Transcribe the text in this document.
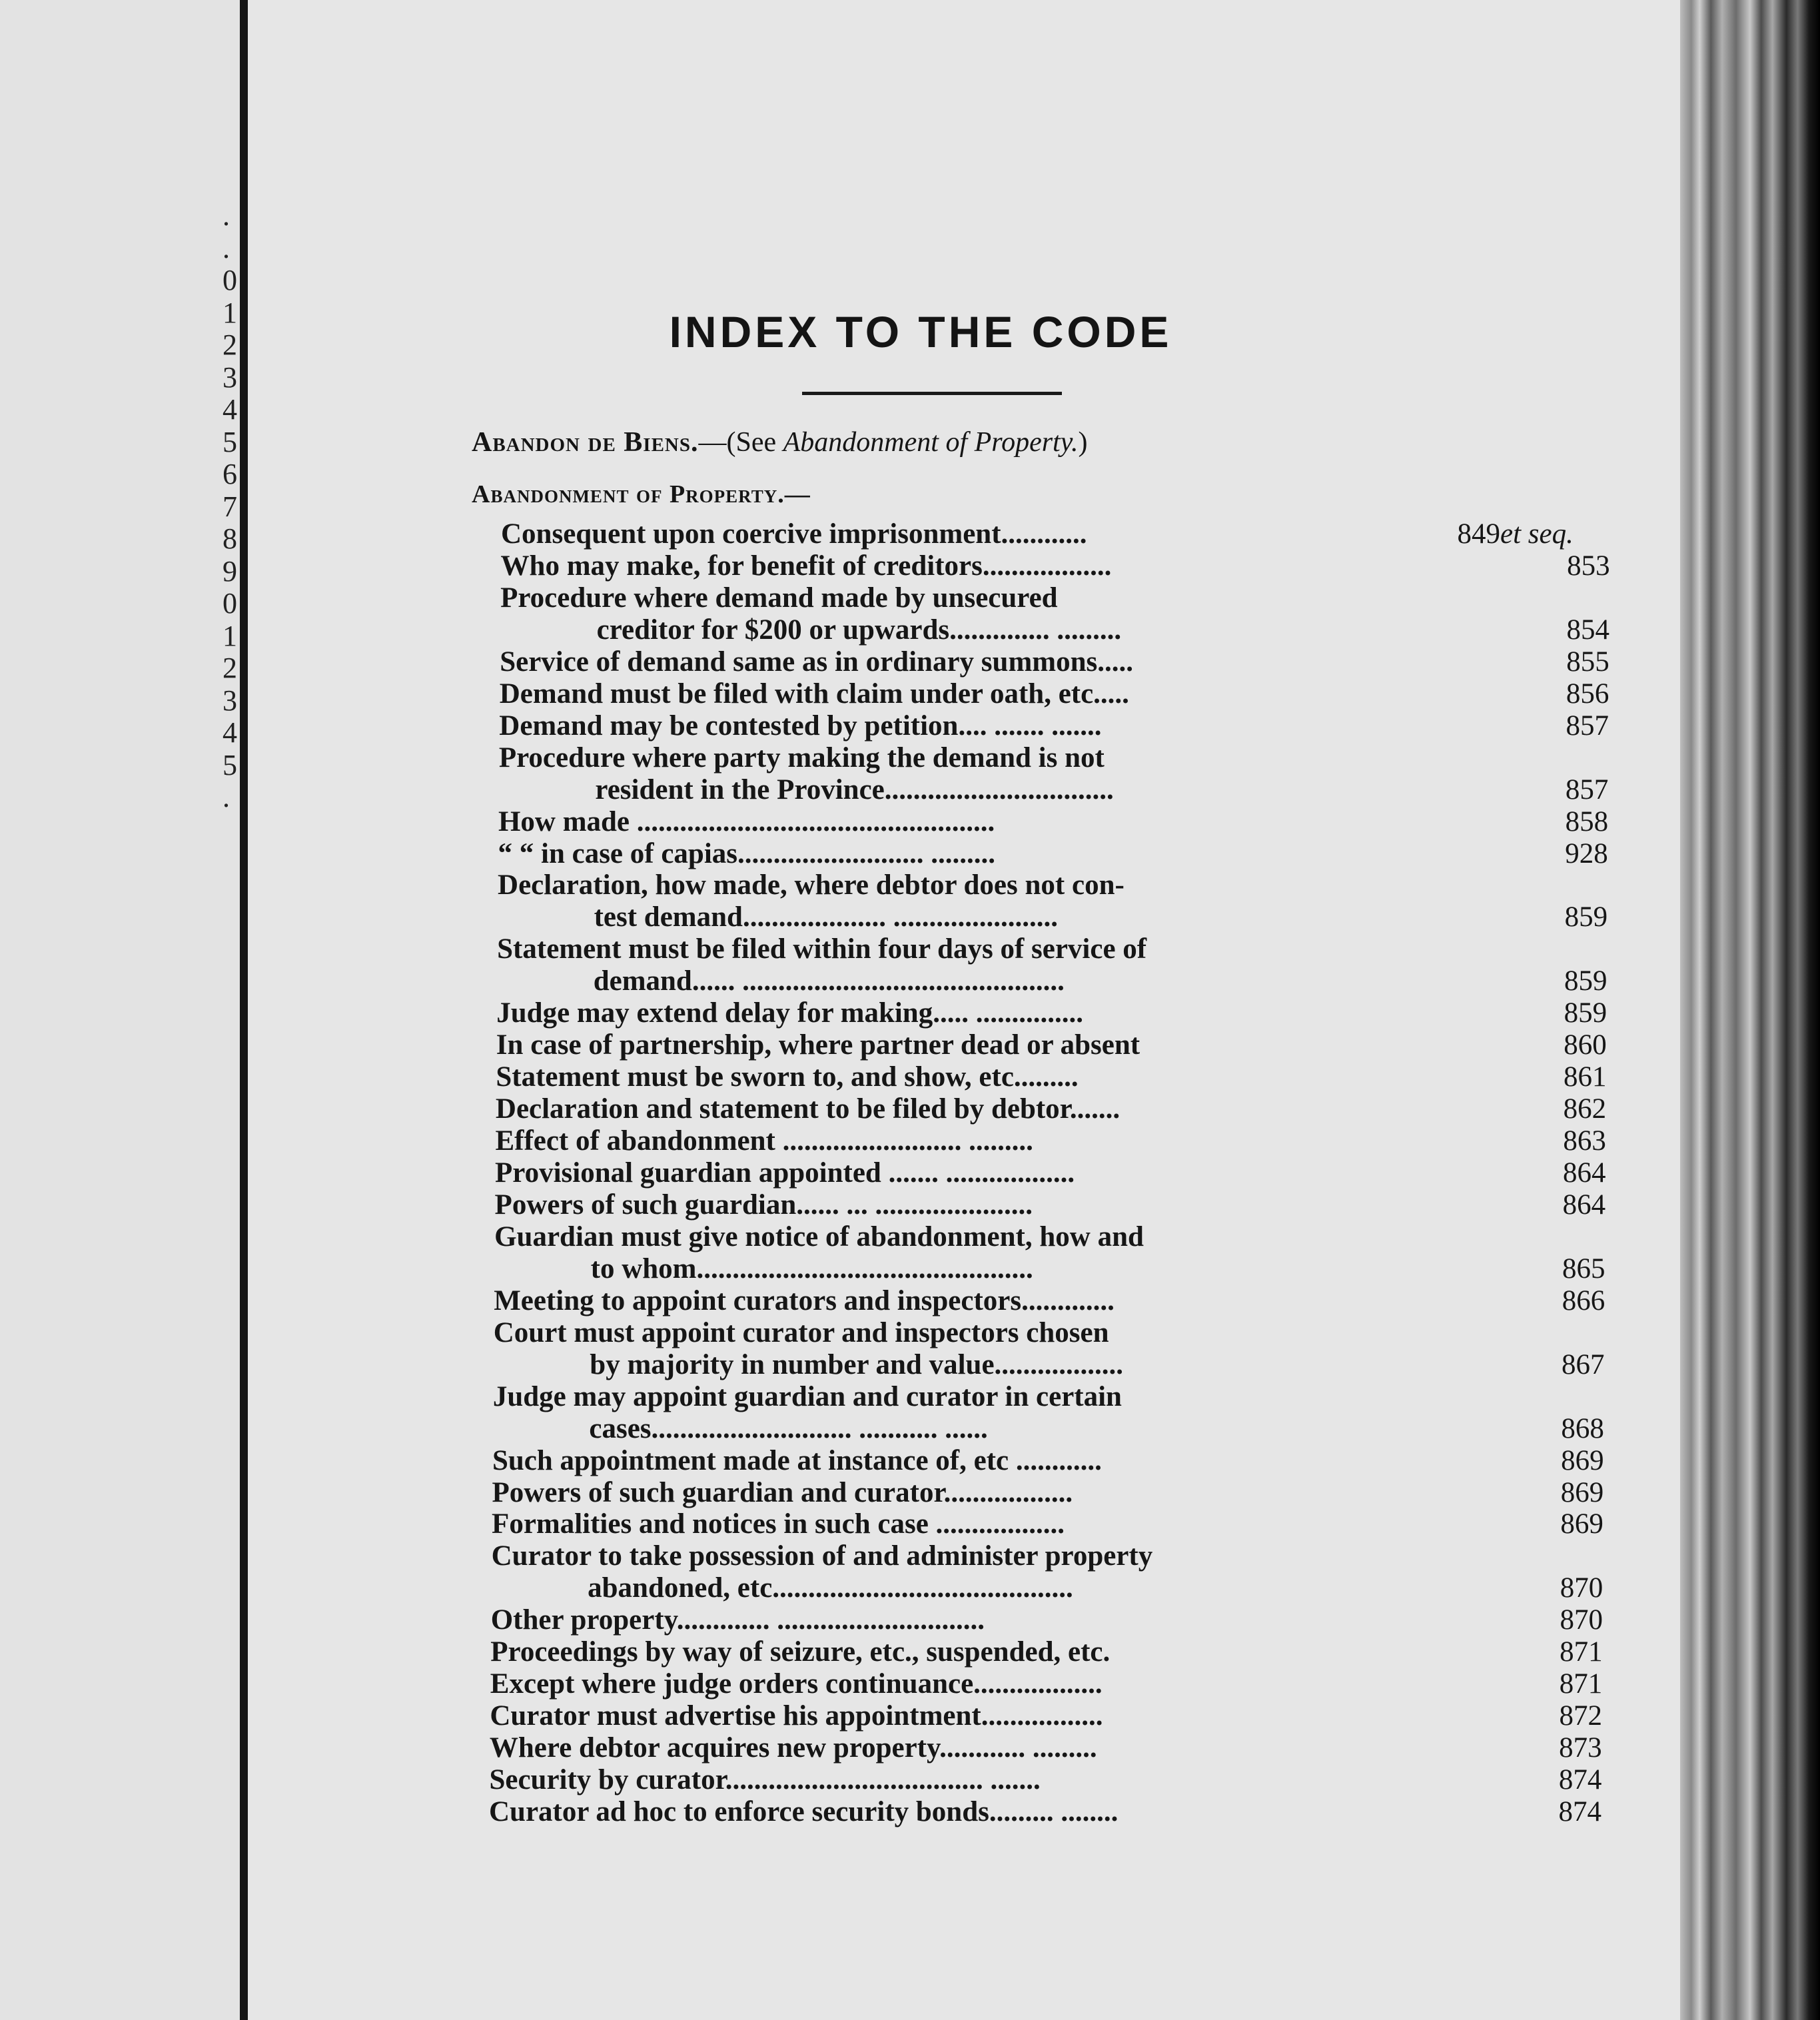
.
.
0
1
2
3
4
5
6
7
8
9
0
1
2
3
4
5
.
INDEX TO THE CODE
Abandon de Biens.—(See Abandonment of Property.)
Abandonment of Property.—
Consequent upon coercive imprisonment............	849 et seq.
Who may make, for benefit of creditors..................	853
Procedure where demand made by unsecured
creditor for $200 or upwards.............. .........	854
Service of demand same as in ordinary summons.....	855
Demand must be filed with claim under oath, etc.....	856
Demand may be contested by petition.... ....... .......	857
Procedure where party making the demand is not
resident in the Province................................	857
How made ..................................................	858
“ “ in case of capias.......................... .........	928
Declaration, how made, where debtor does not con-
test demand.................... .......................	859
Statement must be filed within four days of service of
demand...... .............................................	859
Judge may extend delay for making..... ...............	859
In case of partnership, where partner dead or absent	860
Statement must be sworn to, and show, etc.........	861
Declaration and statement to be filed by debtor.......	862
Effect of abandonment ......................... .........	863
Provisional guardian appointed ....... ..................	864
Powers of such guardian...... ... ......................	864
Guardian must give notice of abandonment, how and
to whom...............................................	865
Meeting to appoint curators and inspectors.............	866
Court must appoint curator and inspectors chosen
by majority in number and value..................	867
Judge may appoint guardian and curator in certain
cases............................ ........... ......	868
Such appointment made at instance of, etc ............	869
Powers of such guardian and curator..................	869
Formalities and notices in such case ..................	869
Curator to take possession of and administer property
abandoned, etc..........................................	870
Other property............. .............................	870
Proceedings by way of seizure, etc., suspended, etc.	871
Except where judge orders continuance..................	871
Curator must advertise his appointment.................	872
Where debtor acquires new property............ .........	873
Security by curator.................................... .......	874
Curator ad hoc to enforce security bonds......... ........	874
